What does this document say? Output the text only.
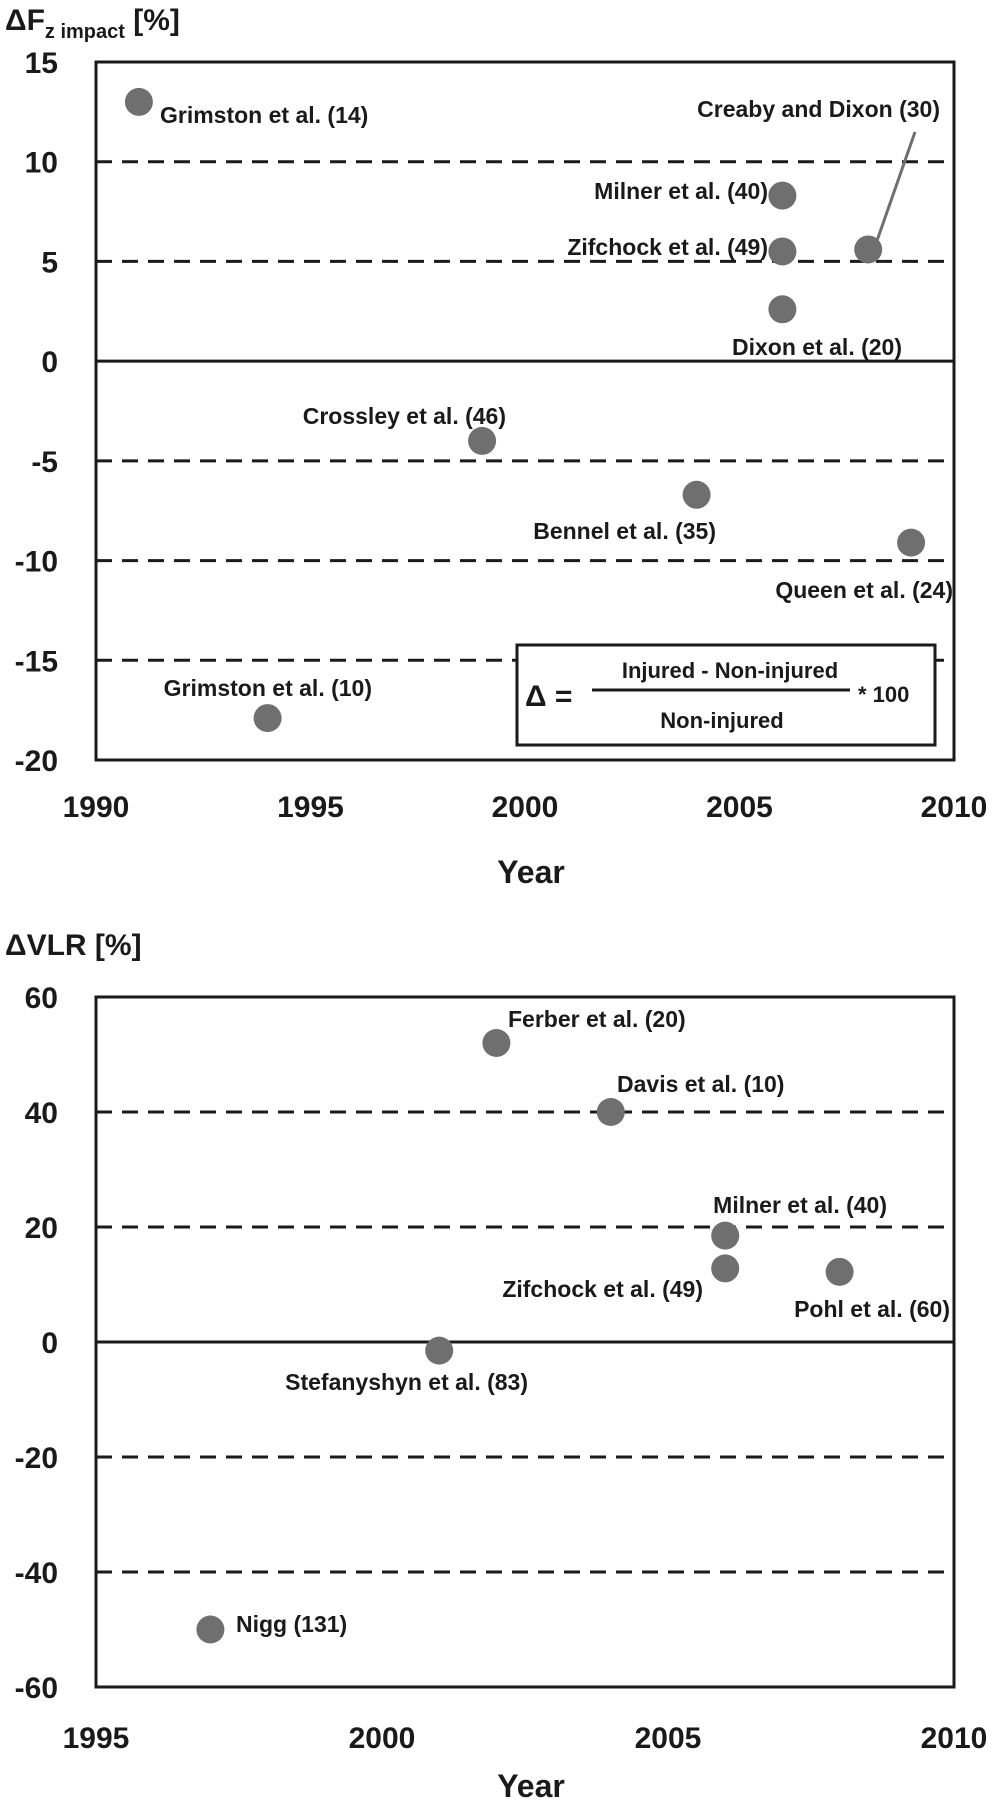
$\Delta F_{z impact}$ [%]
15
10
5
0
-5
-10
-15
-20
1990	1995	2000	2005	2010
Year
Δ =
Injured - Non-injured
Non-injured
* 100
Grimston et al. (14)
Milner et al. (40)
Zifchock et al. (49)
Dixon et al. (20)
Creaby and Dixon (30)
Crossley et al. (46)
Bennel et al. (35)
Queen et al. (24)
Grimston et al. (10)
ΔVLR [%]
60
40
20
0
-20
-40
-60
1995	2000	2005	2010
Year
Ferber et al. (20)
Davis et al. (10)
Milner et al. (40)
Zifchock et al. (49)
Pohl et al. (60)
Stefanyshyn et al. (83)
Nigg (131)
